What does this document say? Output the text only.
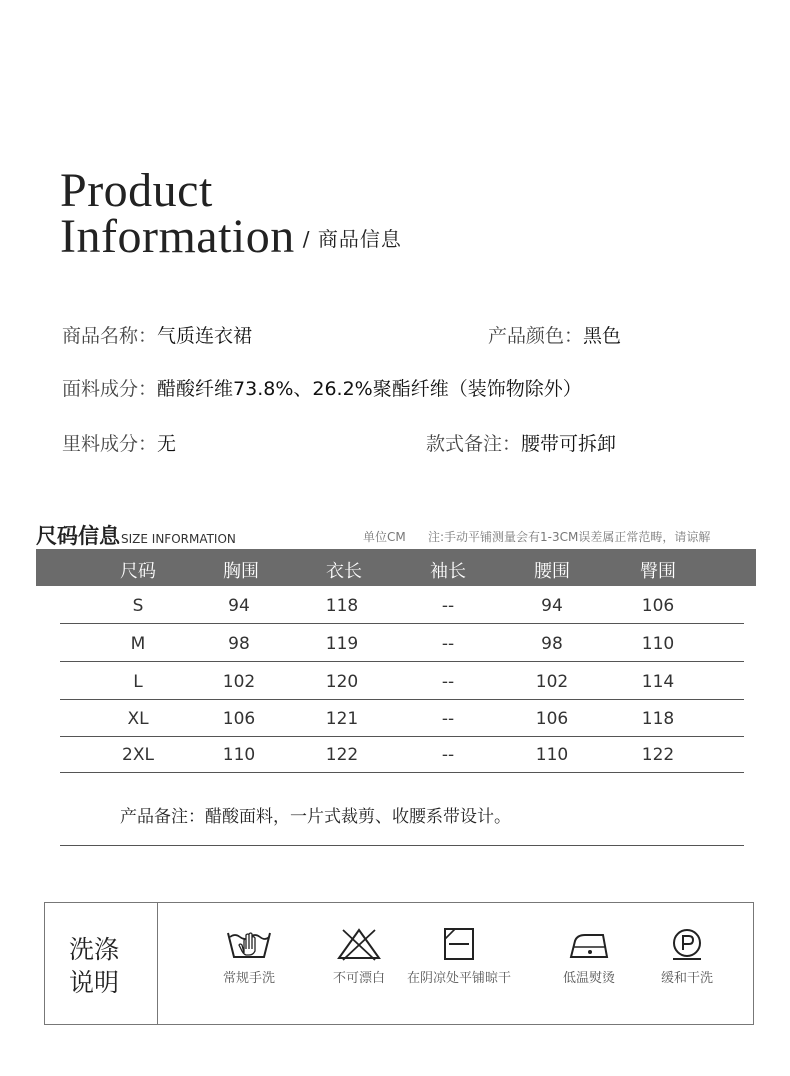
Product
Information / 商品信息
商品名称：气质连衣裙	产品颜色：黑色
面料成分：醋酸纤维73.8%、26.2%聚酯纤维（装饰物除外）
里料成分：无	款式备注：腰带可拆卸
尺码信息SIZE INFORMATION	单位CM 注:手动平铺测量会有1-3CM误差属正常范畴，请谅解
尺码	胸围	衣长	袖长	腰围	臀围
S	94	118	--	94	106
M	98	119	--	98	110
L	102	120	--	102	114
XL	106	121	--	106	118
2XL	110	122	--	110	122
产品备注：醋酸面料，一片式裁剪、收腰系带设计。
洗涤
说明	常规手洗	不可漂白	在阴凉处平铺晾干	低温熨烫	缓和干洗
